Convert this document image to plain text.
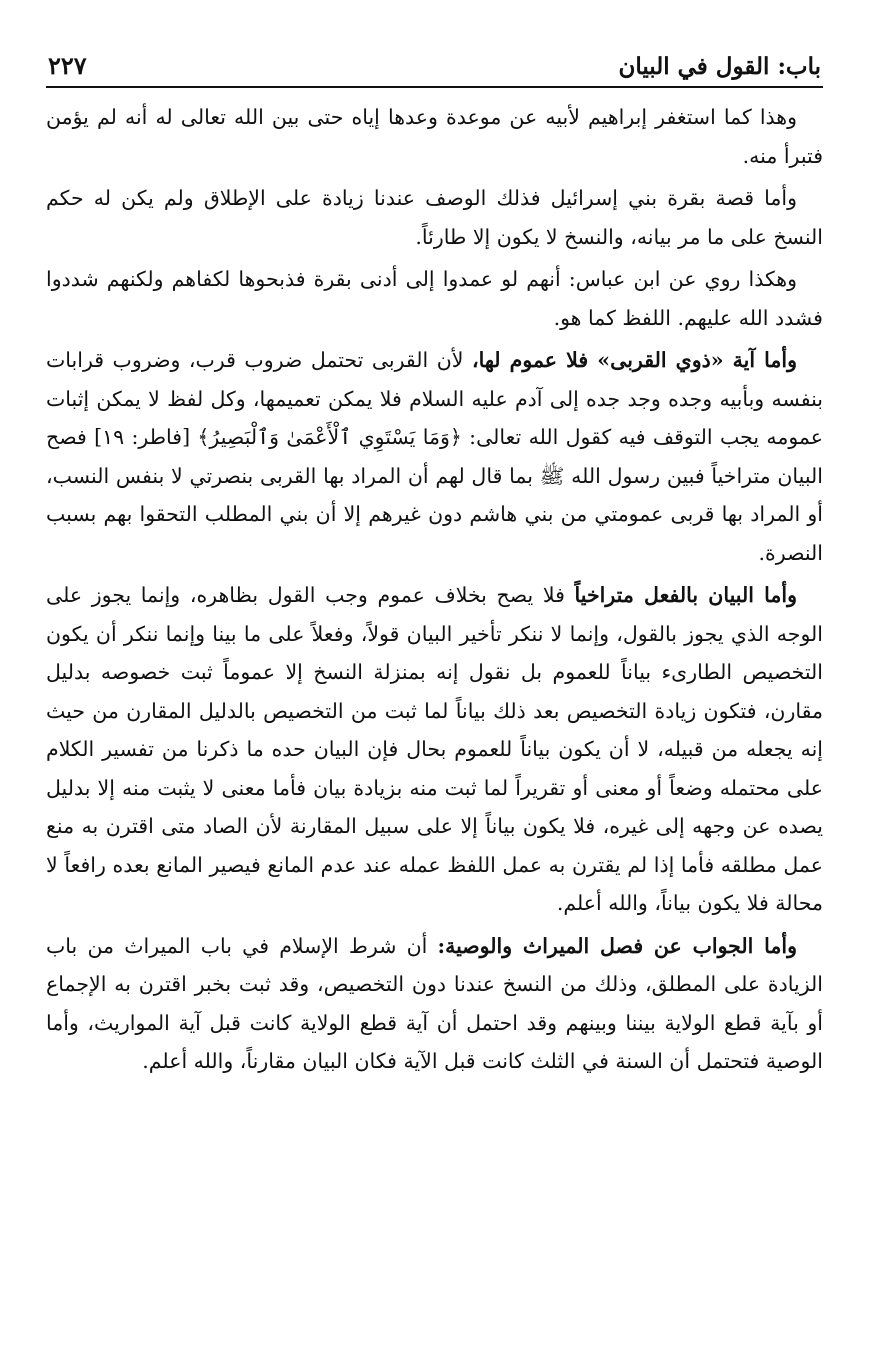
باب: القول في البيان
٢٢٧

وهذا كما استغفر إبراهيم لأبيه عن موعدة وعدها إياه حتى بين الله تعالى له أنه لم يؤمن فتبرأ منه.

وأما قصة بقرة بني إسرائيل فذلك الوصف عندنا زيادة على الإطلاق ولم يكن له حكم النسخ على ما مر بيانه، والنسخ لا يكون إلا طارئاً.

وهكذا روي عن ابن عباس: أنهم لو عمدوا إلى أدنى بقرة فذبحوها لكفاهم ولكنهم شددوا فشدد الله عليهم. اللفظ كما هو.

وأما آية «ذوي القربى» فلا عموم لها، لأن القربى تحتمل ضروب قرب، وضروب قرابات بنفسه وبأبيه وجده وجد جده إلى آدم عليه السلام فلا يمكن تعميمها، وكل لفظ لا يمكن إثبات عمومه يجب التوقف فيه كقول الله تعالى: ﴿وَمَا يَسْتَوِي ٱلْأَعْمَىٰ وَٱلْبَصِيرُ﴾ [فاطر: ١٩] فصح البيان متراخياً فبين رسول الله ﷺ بما قال لهم أن المراد بها القربى بنصرتي لا بنفس النسب، أو المراد بها قربى عمومتي من بني هاشم دون غيرهم إلا أن بني المطلب التحقوا بهم بسبب النصرة.

وأما البيان بالفعل متراخياً فلا يصح بخلاف عموم وجب القول بظاهره، وإنما يجوز على الوجه الذي يجوز بالقول، وإنما لا ننكر تأخير البيان قولاً، وفعلاً على ما بينا وإنما ننكر أن يكون التخصيص الطارىء بياناً للعموم بل نقول إنه بمنزلة النسخ إلا عموماً ثبت خصوصه بدليل مقارن، فتكون زيادة التخصيص بعد ذلك بياناً لما ثبت من التخصيص بالدليل المقارن من حيث إنه يجعله من قبيله، لا أن يكون بياناً للعموم بحال فإن البيان حده ما ذكرنا من تفسير الكلام على محتمله وضعاً أو معنى أو تقريراً لما ثبت منه بزيادة بيان فأما معنى لا يثبت منه إلا بدليل يصده عن وجهه إلى غيره، فلا يكون بياناً إلا على سبيل المقارنة لأن الصاد متى اقترن به منع عمل مطلقه فأما إذا لم يقترن به عمل اللفظ عمله عند عدم المانع فيصير المانع بعده رافعاً لا محالة فلا يكون بياناً، والله أعلم.

وأما الجواب عن فصل الميراث والوصية: أن شرط الإسلام في باب الميراث من باب الزيادة على المطلق، وذلك من النسخ عندنا دون التخصيص، وقد ثبت بخبر اقترن به الإجماع أو بآية قطع الولاية بيننا وبينهم وقد احتمل أن آية قطع الولاية كانت قبل آية المواريث، وأما الوصية فتحتمل أن السنة في الثلث كانت قبل الآية فكان البيان مقارناً، والله أعلم.
